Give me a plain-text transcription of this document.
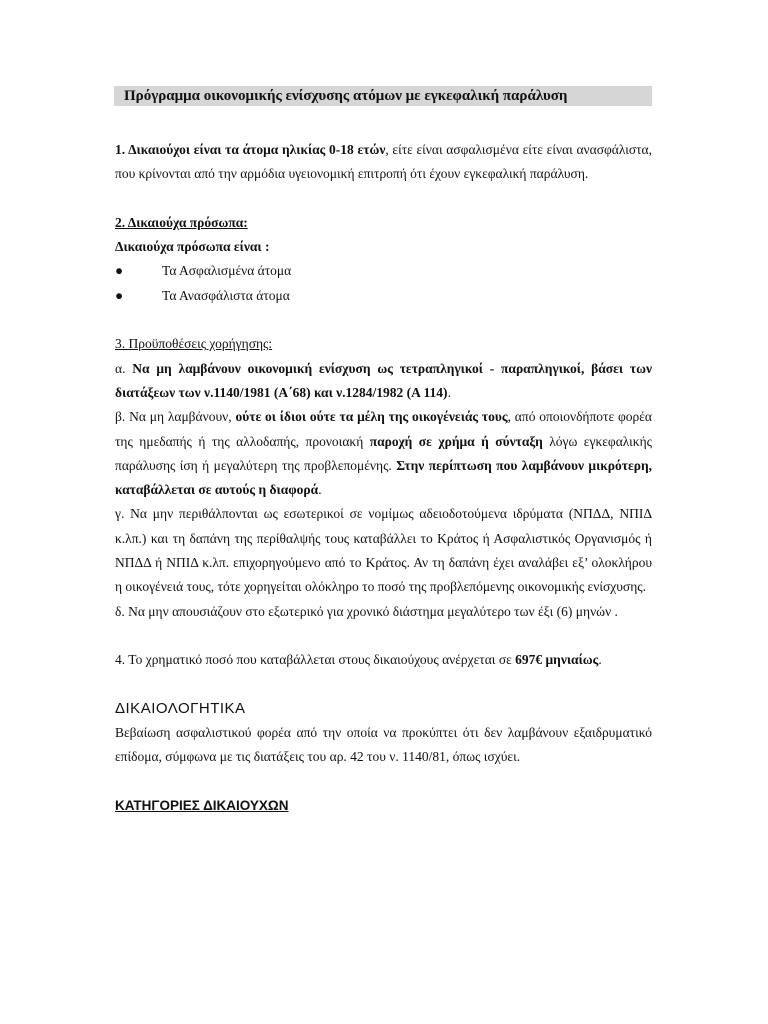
Πρόγραμμα οικονομικής ενίσχυσης ατόμων με εγκεφαλική παράλυση

1. Δικαιούχοι είναι τα άτομα ηλικίας 0-18 ετών, είτε είναι ασφαλισμένα είτε είναι ανασφάλιστα, που κρίνονται από την αρμόδια υγειονομική επιτροπή ότι έχουν εγκεφαλική παράλυση.

2. Δικαιούχα πρόσωπα:

Δικαιούχα πρόσωπα είναι :

●	Τα Ασφαλισμένα άτομα
●	Τα Ανασφάλιστα άτομα

3. Προϋποθέσεις χορήγησης:

α. Να μη λαμβάνουν οικονομική ενίσχυση ως τετραπληγικοί - παραπληγικοί, βάσει των διατάξεων των ν.1140/1981 (Α΄68) και ν.1284/1982 (Α 114).

β. Να μη λαμβάνουν, ούτε οι ίδιοι ούτε τα μέλη της οικογένειάς τους, από οποιονδήποτε φορέα της ημεδαπής ή της αλλοδαπής, προνοιακή παροχή σε χρήμα ή σύνταξη λόγω εγκεφαλικής παράλυσης ίση ή μεγαλύτερη της προβλεπομένης. Στην περίπτωση που λαμβάνουν μικρότερη, καταβάλλεται σε αυτούς η διαφορά.

γ. Να μην περιθάλπονται ως εσωτερικοί σε νομίμως αδειοδοτούμενα ιδρύματα (ΝΠΔΔ, ΝΠΙΔ κ.λπ.) και τη δαπάνη της περίθαλψής τους καταβάλλει το Κράτος ή Ασφαλιστικός Οργανισμός ή ΝΠΔΔ ή ΝΠΙΔ κ.λπ. επιχορηγούμενο από το Κράτος. Αν τη δαπάνη έχει αναλάβει εξ’ ολοκλήρου η οικογένειά τους, τότε χορηγείται ολόκληρο το ποσό της προβλεπόμενης οικονομικής ενίσχυσης.

δ. Να μην απουσιάζουν στο εξωτερικό για χρονικό διάστημα μεγαλύτερο των έξι (6) μηνών .

4. Το χρηματικό ποσό που καταβάλλεται στους δικαιούχους ανέρχεται σε 697€ μηνιαίως.

ΔΙΚΑΙΟΛΟΓΗΤΙΚΑ

Βεβαίωση ασφαλιστικού φορέα από την οποία να προκύπτει ότι δεν λαμβάνουν εξαιδρυματικό επίδομα, σύμφωνα με τις διατάξεις του αρ. 42 του ν. 1140/81, όπως ισχύει.

ΚΑΤΗΓΟΡΙΕΣ ΔΙΚΑΙΟΥΧΩΝ
